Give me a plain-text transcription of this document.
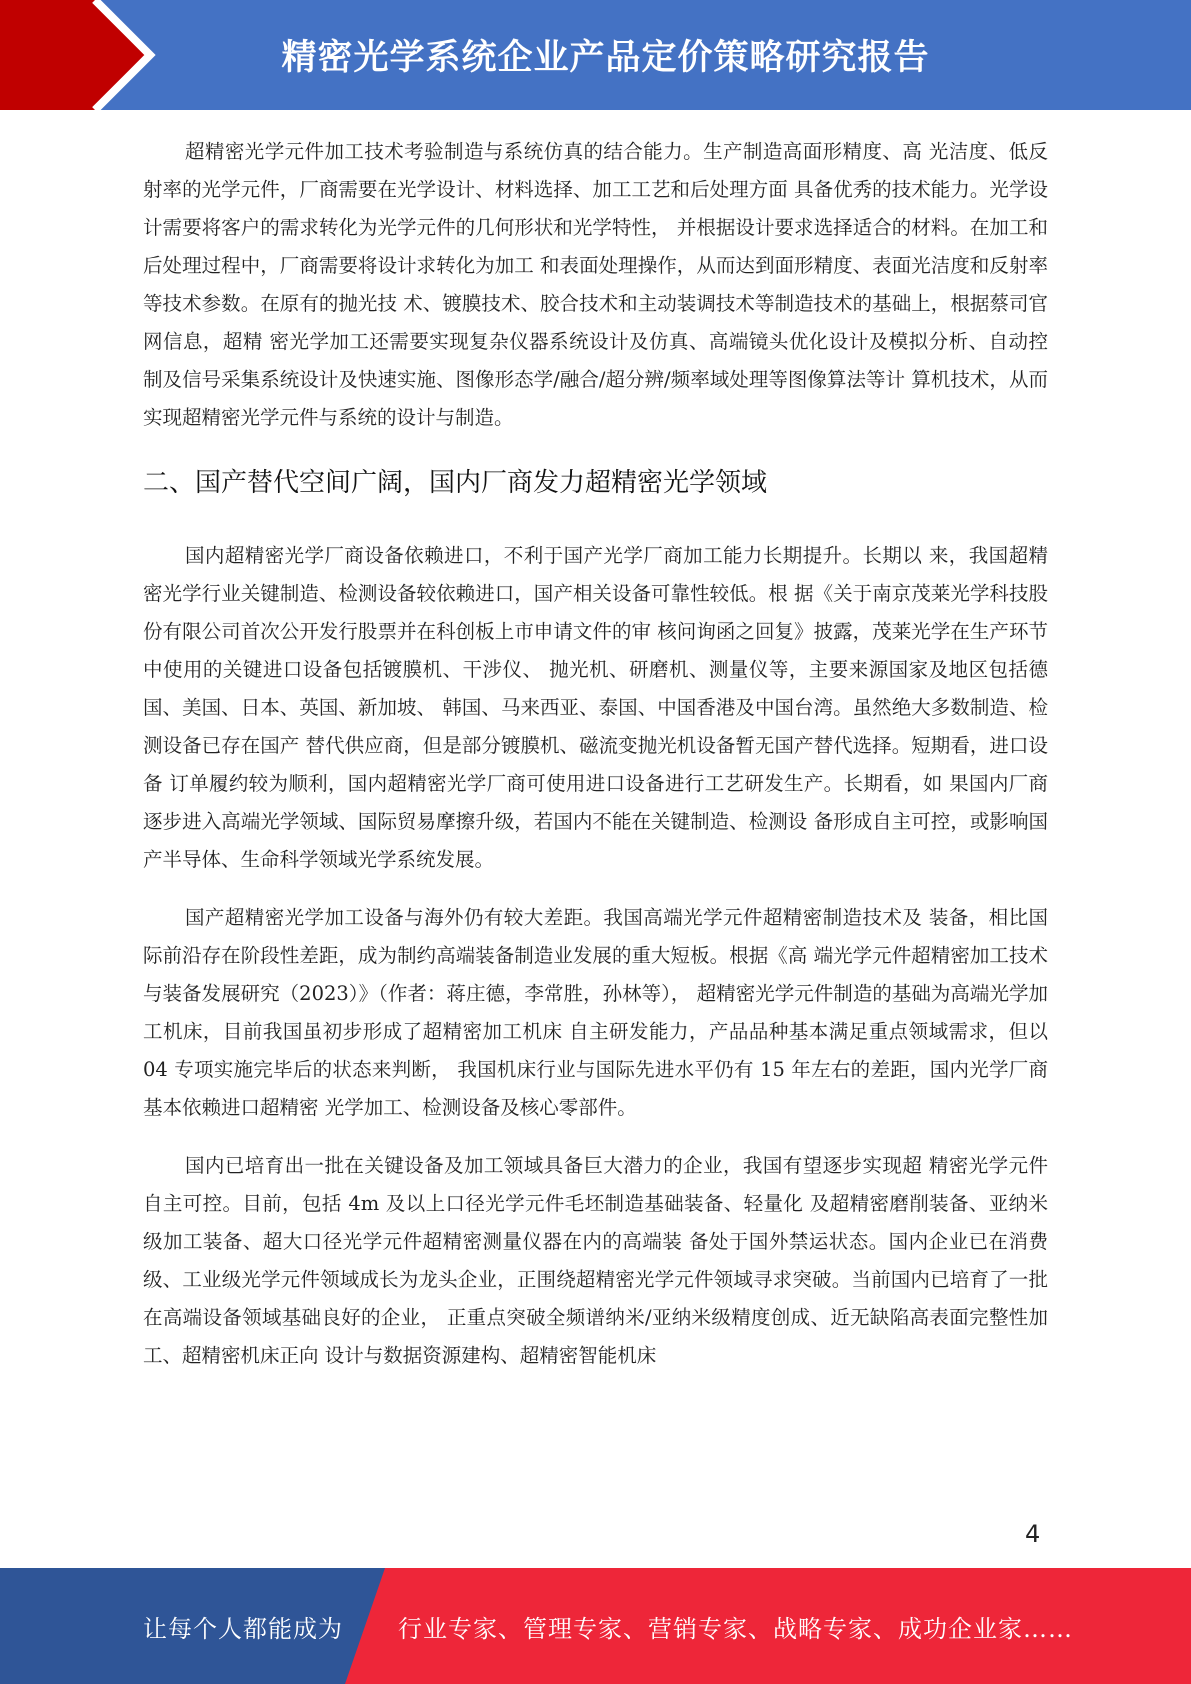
精密光学系统企业产品定价策略研究报告

超精密光学元件加工技术考验制造与系统仿真的结合能力。生产制造高面形精度、高 光洁度、低反射率的光学元件，厂商需要在光学设计、材料选择、加工工艺和后处理方面 具备优秀的技术能力。光学设计需要将客户的需求转化为光学元件的几何形状和光学特性， 并根据设计要求选择适合的材料。在加工和后处理过程中，厂商需要将设计求转化为加工 和表面处理操作，从而达到面形精度、表面光洁度和反射率等技术参数。在原有的抛光技 术、镀膜技术、胶合技术和主动装调技术等制造技术的基础上，根据蔡司官网信息，超精 密光学加工还需要实现复杂仪器系统设计及仿真、高端镜头优化设计及模拟分析、自动控 制及信号采集系统设计及快速实施、图像形态学/融合/超分辨/频率域处理等图像算法等计 算机技术，从而实现超精密光学元件与系统的设计与制造。

二、国产替代空间广阔，国内厂商发力超精密光学领域

国内超精密光学厂商设备依赖进口，不利于国产光学厂商加工能力长期提升。长期以 来，我国超精密光学行业关键制造、检测设备较依赖进口，国产相关设备可靠性较低。根 据《关于南京茂莱光学科技股份有限公司首次公开发行股票并在科创板上市申请文件的审 核问询函之回复》披露，茂莱光学在生产环节中使用的关键进口设备包括镀膜机、干涉仪、 抛光机、研磨机、测量仪等，主要来源国家及地区包括德国、美国、日本、英国、新加坡、 韩国、马来西亚、泰国、中国香港及中国台湾。虽然绝大多数制造、检测设备已存在国产 替代供应商，但是部分镀膜机、磁流变抛光机设备暂无国产替代选择。短期看，进口设备 订单履约较为顺利，国内超精密光学厂商可使用进口设备进行工艺研发生产。长期看，如 果国内厂商逐步进入高端光学领域、国际贸易摩擦升级，若国内不能在关键制造、检测设 备形成自主可控，或影响国产半导体、生命科学领域光学系统发展。

国产超精密光学加工设备与海外仍有较大差距。我国高端光学元件超精密制造技术及 装备，相比国际前沿存在阶段性差距，成为制约高端装备制造业发展的重大短板。根据《高 端光学元件超精密加工技术与装备发展研究（2023）》（作者：蒋庄德，李常胜，孙林等）， 超精密光学元件制造的基础为高端光学加工机床，目前我国虽初步形成了超精密加工机床 自主研发能力，产品品种基本满足重点领域需求，但以 04 专项实施完毕后的状态来判断， 我国机床行业与国际先进水平仍有 15 年左右的差距，国内光学厂商基本依赖进口超精密 光学加工、检测设备及核心零部件。

国内已培育出一批在关键设备及加工领域具备巨大潜力的企业，我国有望逐步实现超 精密光学元件自主可控。目前，包括 4m 及以上口径光学元件毛坯制造基础装备、轻量化 及超精密磨削装备、亚纳米级加工装备、超大口径光学元件超精密测量仪器在内的高端装 备处于国外禁运状态。国内企业已在消费级、工业级光学元件领域成长为龙头企业，正围绕超精密光学元件领域寻求突破。当前国内已培育了一批在高端设备领域基础良好的企业， 正重点突破全频谱纳米/亚纳米级精度创成、近无缺陷高表面完整性加工、超精密机床正向 设计与数据资源建构、超精密智能机床

4
让每个人都能成为 行业专家、管理专家、营销专家、战略专家、成功企业家……
